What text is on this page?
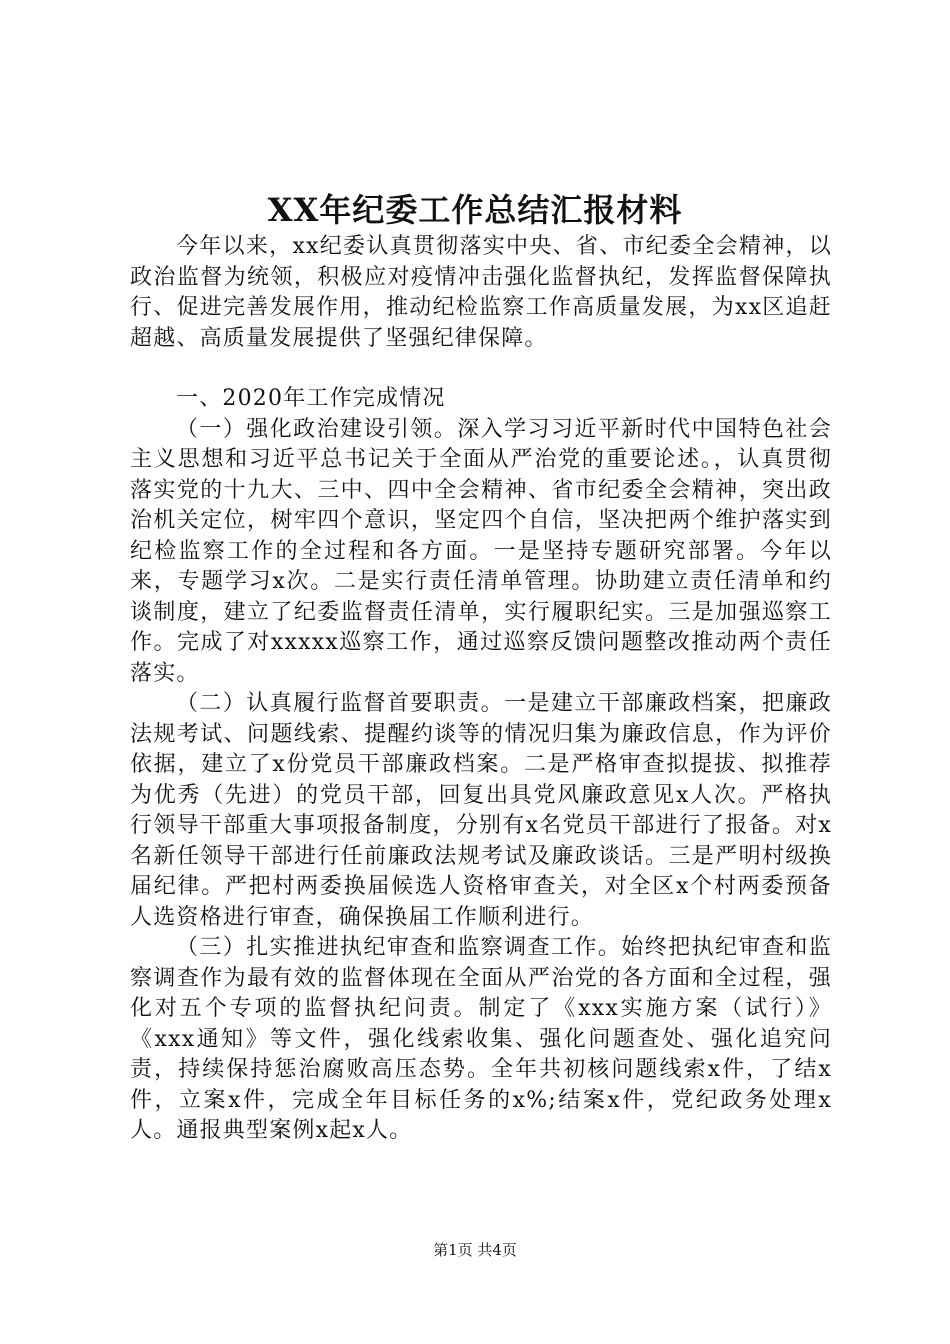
XX年纪委工作总结汇报材料

今年以来，xx纪委认真贯彻落实中央、省、市纪委全会精神，以政治监督为统领，积极应对疫情冲击强化监督执纪，发挥监督保障执行、促进完善发展作用，推动纪检监察工作高质量发展，为xx区追赶超越、高质量发展提供了坚强纪律保障。

一、2020年工作完成情况

（一）强化政治建设引领。深入学习习近平新时代中国特色社会主义思想和习近平总书记关于全面从严治党的重要论述。，认真贯彻落实党的十九大、三中、四中全会精神、省市纪委全会精神，突出政治机关定位，树牢四个意识，坚定四个自信，坚决把两个维护落实到纪检监察工作的全过程和各方面。一是坚持专题研究部署。今年以来，专题学习x次。二是实行责任清单管理。协助建立责任清单和约谈制度，建立了纪委监督责任清单，实行履职纪实。三是加强巡察工作。完成了对xxxxx巡察工作，通过巡察反馈问题整改推动两个责任落实。

（二）认真履行监督首要职责。一是建立干部廉政档案，把廉政法规考试、问题线索、提醒约谈等的情况归集为廉政信息，作为评价依据，建立了x份党员干部廉政档案。二是严格审查拟提拔、拟推荐为优秀（先进）的党员干部，回复出具党风廉政意见x人次。严格执行领导干部重大事项报备制度，分别有x名党员干部进行了报备。对x名新任领导干部进行任前廉政法规考试及廉政谈话。三是严明村级换届纪律。严把村两委换届候选人资格审查关，对全区x个村两委预备人选资格进行审查，确保换届工作顺利进行。

（三）扎实推进执纪审查和监察调查工作。始终把执纪审查和监察调查作为最有效的监督体现在全面从严治党的各方面和全过程，强化对五个专项的监督执纪问责。制定了《xxx实施方案（试行）》《xxx通知》等文件，强化线索收集、强化问题查处、强化追究问责，持续保持惩治腐败高压态势。全年共初核问题线索x件，了结x件，立案x件，完成全年目标任务的x%;结案x件，党纪政务处理x人。通报典型案例x起x人。

第1页 共4页
